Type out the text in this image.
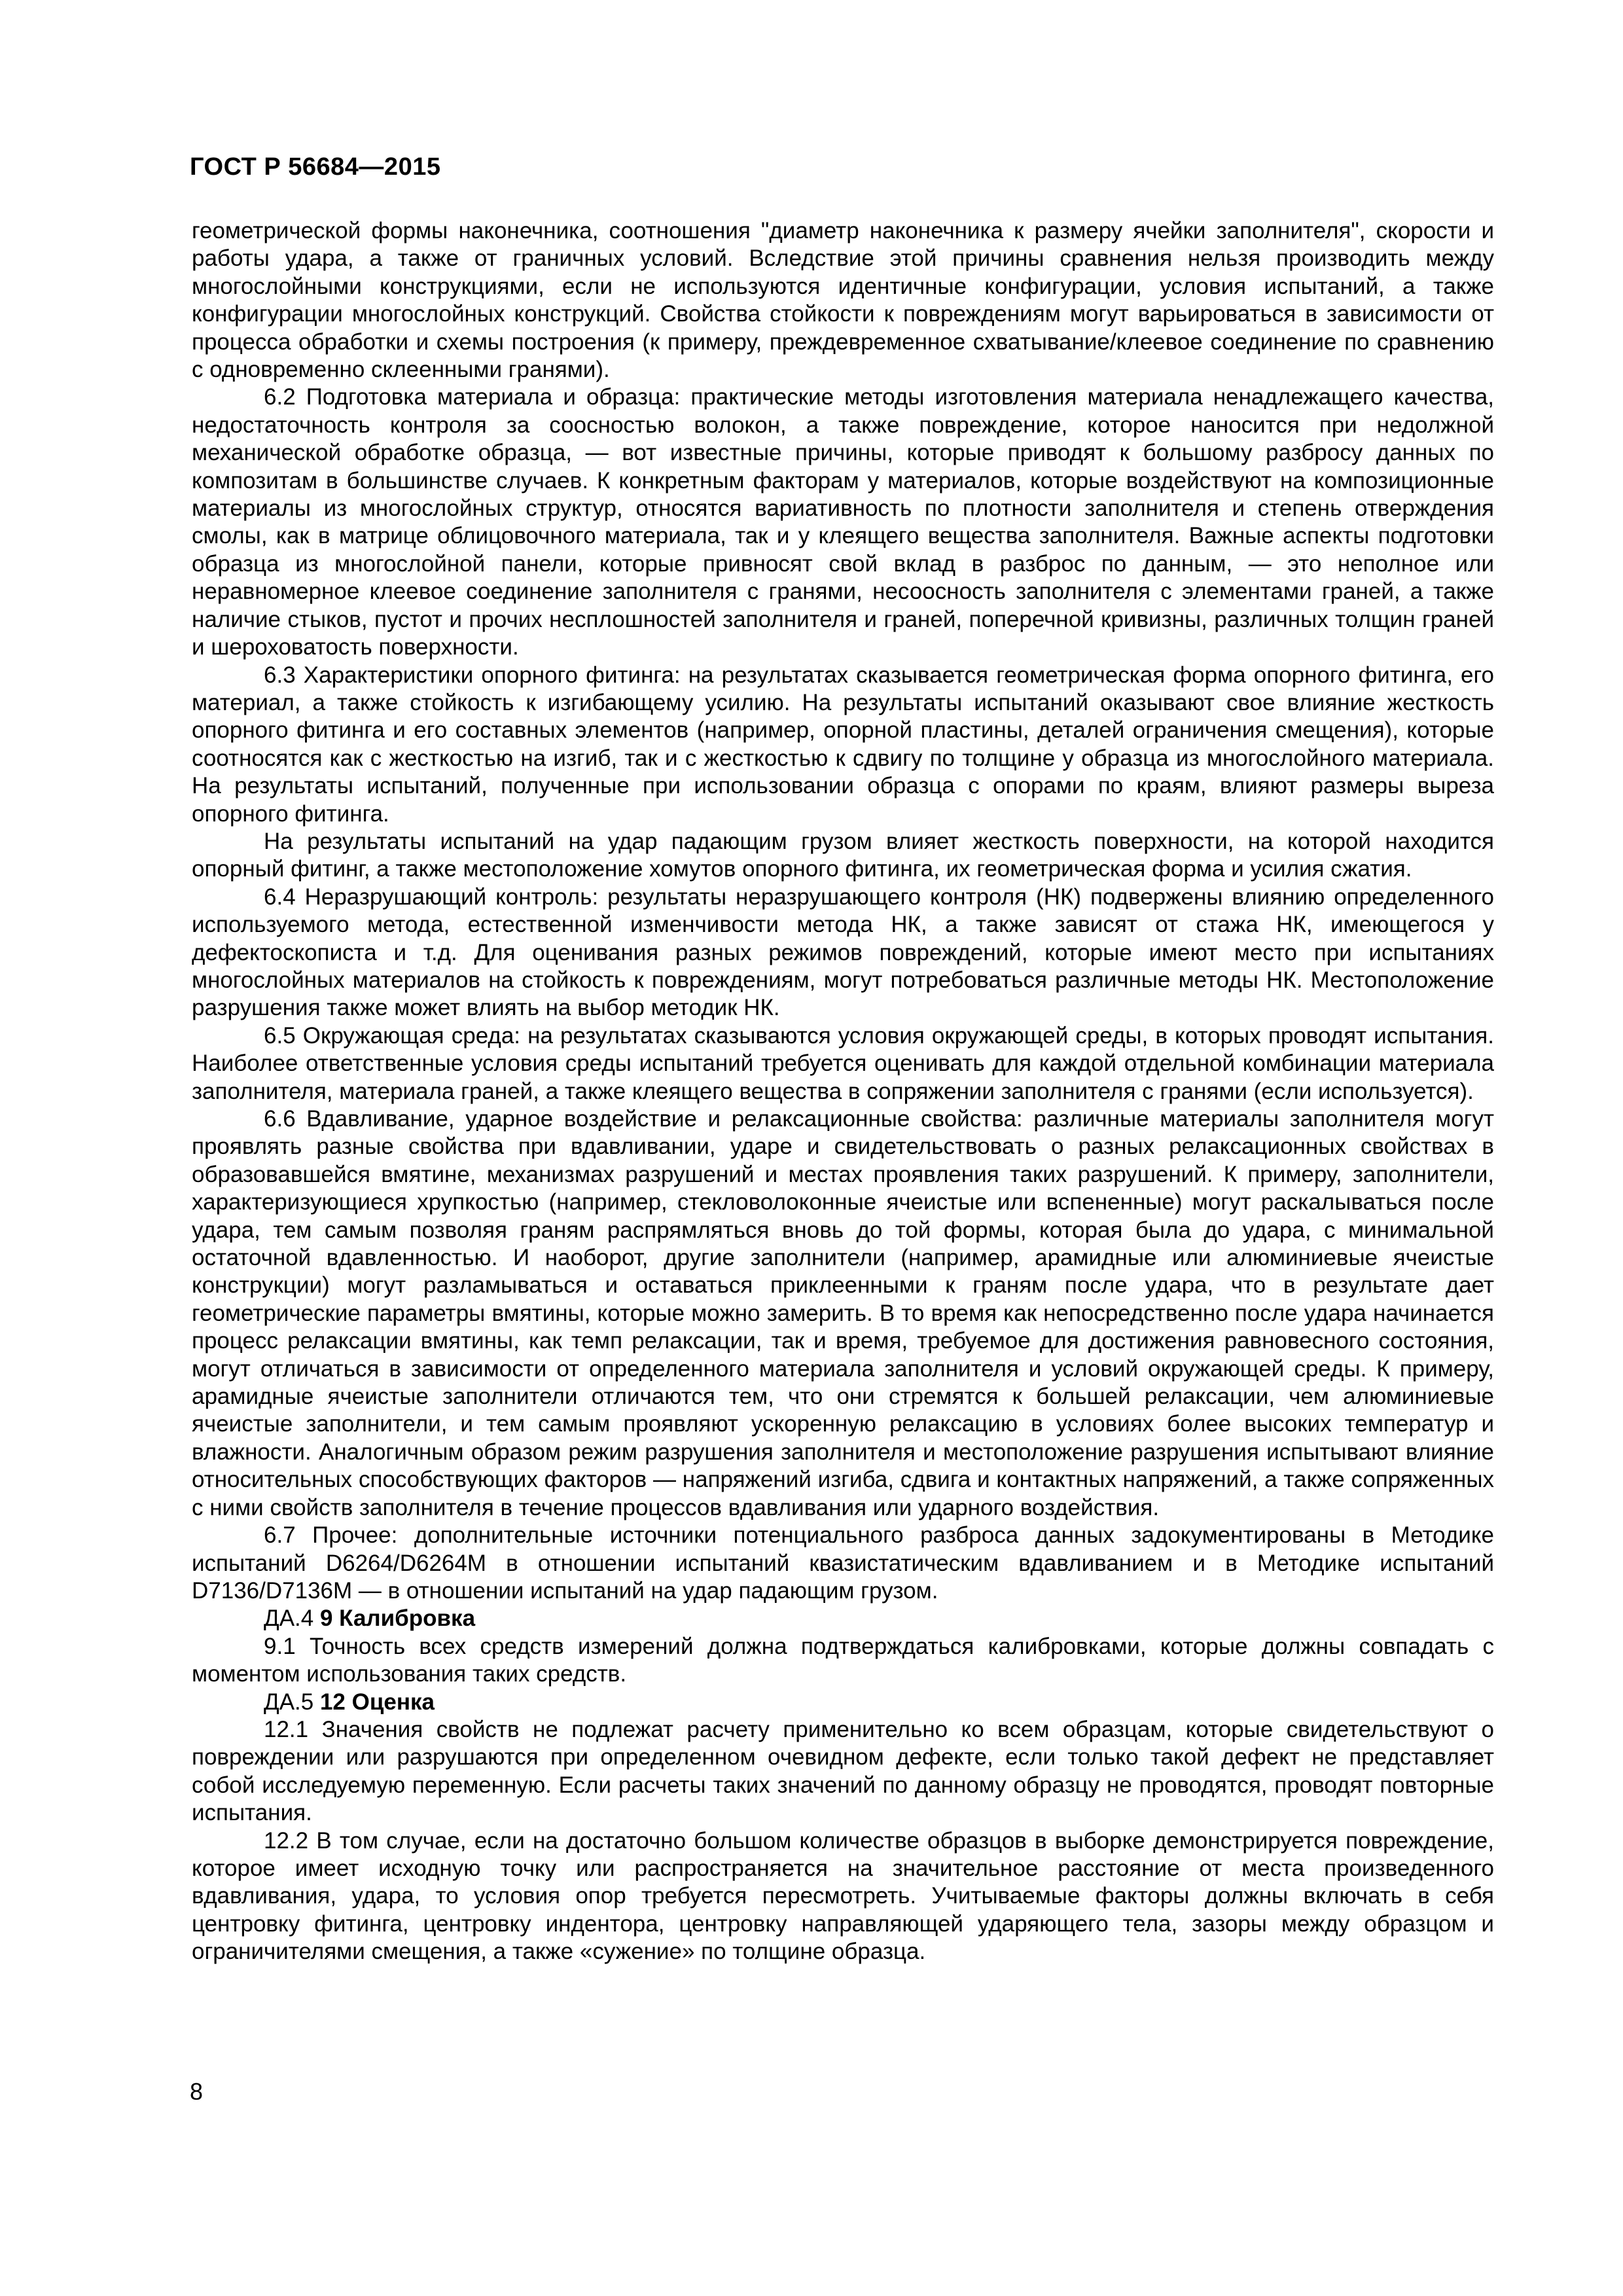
ГОСТ Р 56684—2015

геометрической формы наконечника, соотношения "диаметр наконечника к размеру ячейки заполнителя", скорости и работы удара, а также от граничных условий. Вследствие этой причины сравнения нельзя производить между многослойными конструкциями, если не используются идентичные конфигурации, условия испытаний, а также конфигурации многослойных конструкций. Свойства стойкости к повреждениям могут варьироваться в зависимости от процесса обработки и схемы построения (к примеру, преждевременное схватывание/клеевое соединение по сравнению с одновременно склеенными гранями).

6.2 Подготовка материала и образца: практические методы изготовления материала ненадлежащего качества, недостаточность контроля за соосностью волокон, а также повреждение, которое наносится при недолжной механической обработке образца, — вот известные причины, которые приводят к большому разбросу данных по композитам в большинстве случаев. К конкретным факторам у материалов, которые воздействуют на композиционные материалы из многослойных структур, относятся вариативность по плотности заполнителя и степень отверждения смолы, как в матрице облицовочного материала, так и у клеящего вещества заполнителя. Важные аспекты подготовки образца из многослойной панели, которые привносят свой вклад в разброс по данным, — это неполное или неравномерное клеевое соединение заполнителя с гранями, несоосность заполнителя с элементами граней, а также наличие стыков, пустот и прочих несплошностей заполнителя и граней, поперечной кривизны, различных толщин граней и шероховатость поверхности.

6.3 Характеристики опорного фитинга: на результатах сказывается геометрическая форма опорного фитинга, его материал, а также стойкость к изгибающему усилию. На результаты испытаний оказывают свое влияние жесткость опорного фитинга и его составных элементов (например, опорной пластины, деталей ограничения смещения), которые соотносятся как с жесткостью на изгиб, так и с жесткостью к сдвигу по толщине у образца из многослойного материала. На результаты испытаний, полученные при использовании образца с опорами по краям, влияют размеры выреза опорного фитинга.

На результаты испытаний на удар падающим грузом влияет жесткость поверхности, на которой находится опорный фитинг, а также местоположение хомутов опорного фитинга, их геометрическая форма и усилия сжатия.

6.4 Неразрушающий контроль: результаты неразрушающего контроля (НК) подвержены влиянию определенного используемого метода, естественной изменчивости метода НК, а также зависят от стажа НК, имеющегося у дефектоскописта и т.д. Для оценивания разных режимов повреждений, которые имеют место при испытаниях многослойных материалов на стойкость к повреждениям, могут потребоваться различные методы НК. Местоположение разрушения также может влиять на выбор методик НК.

6.5 Окружающая среда: на результатах сказываются условия окружающей среды, в которых проводят испытания. Наиболее ответственные условия среды испытаний требуется оценивать для каждой отдельной комбинации материала заполнителя, материала граней, а также клеящего вещества в сопряжении заполнителя с гранями (если используется).

6.6 Вдавливание, ударное воздействие и релаксационные свойства: различные материалы заполнителя могут проявлять разные свойства при вдавливании, ударе и свидетельствовать о разных релаксационных свойствах в образовавшейся вмятине, механизмах разрушений и местах проявления таких разрушений. К примеру, заполнители, характеризующиеся хрупкостью (например, стекловолоконные ячеистые или вспененные) могут раскалываться после удара, тем самым позволяя граням распрямляться вновь до той формы, которая была до удара, с минимальной остаточной вдавленностью. И наоборот, другие заполнители (например, арамидные или алюминиевые ячеистые конструкции) могут разламываться и оставаться приклеенными к граням после удара, что в результате дает геометрические параметры вмятины, которые можно замерить. В то время как непосредственно после удара начинается процесс релаксации вмятины, как темп релаксации, так и время, требуемое для достижения равновесного состояния, могут отличаться в зависимости от определенного материала заполнителя и условий окружающей среды. К примеру, арамидные ячеистые заполнители отличаются тем, что они стремятся к большей релаксации, чем алюминиевые ячеистые заполнители, и тем самым проявляют ускоренную релаксацию в условиях более высоких температур и влажности. Аналогичным образом режим разрушения заполнителя и местоположение разрушения испытывают влияние относительных способствующих факторов — напряжений изгиба, сдвига и контактных напряжений, а также сопряженных с ними свойств заполнителя в течение процессов вдавливания или ударного воздействия.

6.7 Прочее: дополнительные источники потенциального разброса данных задокументированы в Методике испытаний D6264/D6264M в отношении испытаний квазистатическим вдавливанием и в Методике испытаний D7136/D7136M — в отношении испытаний на удар падающим грузом.

ДА.4 9 Калибровка

9.1 Точность всех средств измерений должна подтверждаться калибровками, которые должны совпадать с моментом использования таких средств.

ДА.5 12 Оценка

12.1 Значения свойств не подлежат расчету применительно ко всем образцам, которые свидетельствуют о повреждении или разрушаются при определенном очевидном дефекте, если только такой дефект не представляет собой исследуемую переменную. Если расчеты таких значений по данному образцу не проводятся, проводят повторные испытания.

12.2 В том случае, если на достаточно большом количестве образцов в выборке демонстрируется повреждение, которое имеет исходную точку или распространяется на значительное расстояние от места произведенного вдавливания, удара, то условия опор требуется пересмотреть. Учитываемые факторы должны включать в себя центровку фитинга, центровку индентора, центровку направляющей ударяющего тела, зазоры между образцом и ограничителями смещения, а также «сужение» по толщине образца.

8
